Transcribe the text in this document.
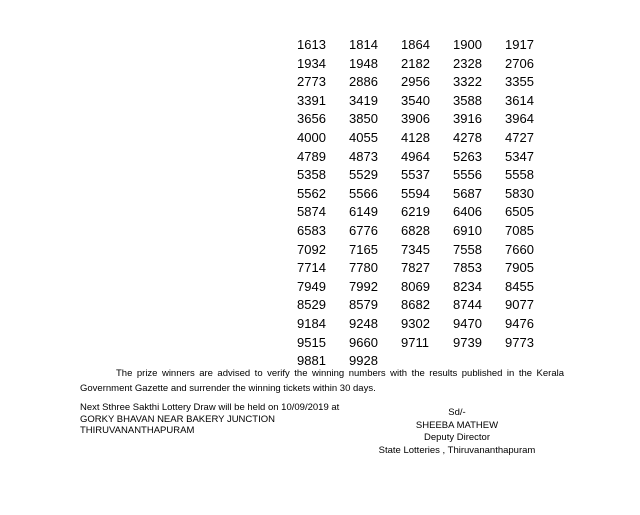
1613	1814	1864	1900	1917
1934	1948	2182	2328	2706
2773	2886	2956	3322	3355
3391	3419	3540	3588	3614
3656	3850	3906	3916	3964
4000	4055	4128	4278	4727
4789	4873	4964	5263	5347
5358	5529	5537	5556	5558
5562	5566	5594	5687	5830
5874	6149	6219	6406	6505
6583	6776	6828	6910	7085
7092	7165	7345	7558	7660
7714	7780	7827	7853	7905
7949	7992	8069	8234	8455
8529	8579	8682	8744	9077
9184	9248	9302	9470	9476
9515	9660	9711	9739	9773
9881	9928
The prize winners are advised to verify the winning numbers with the results published in the Kerala Government Gazette and surrender the winning tickets within 30 days.
Next Sthree Sakthi Lottery Draw will be held on 10/09/2019 at
GORKY BHAVAN NEAR BAKERY JUNCTION
THIRUVANANTHAPURAM
Sd/-
SHEEBA MATHEW
Deputy Director
State Lotteries , Thiruvananthapuram
